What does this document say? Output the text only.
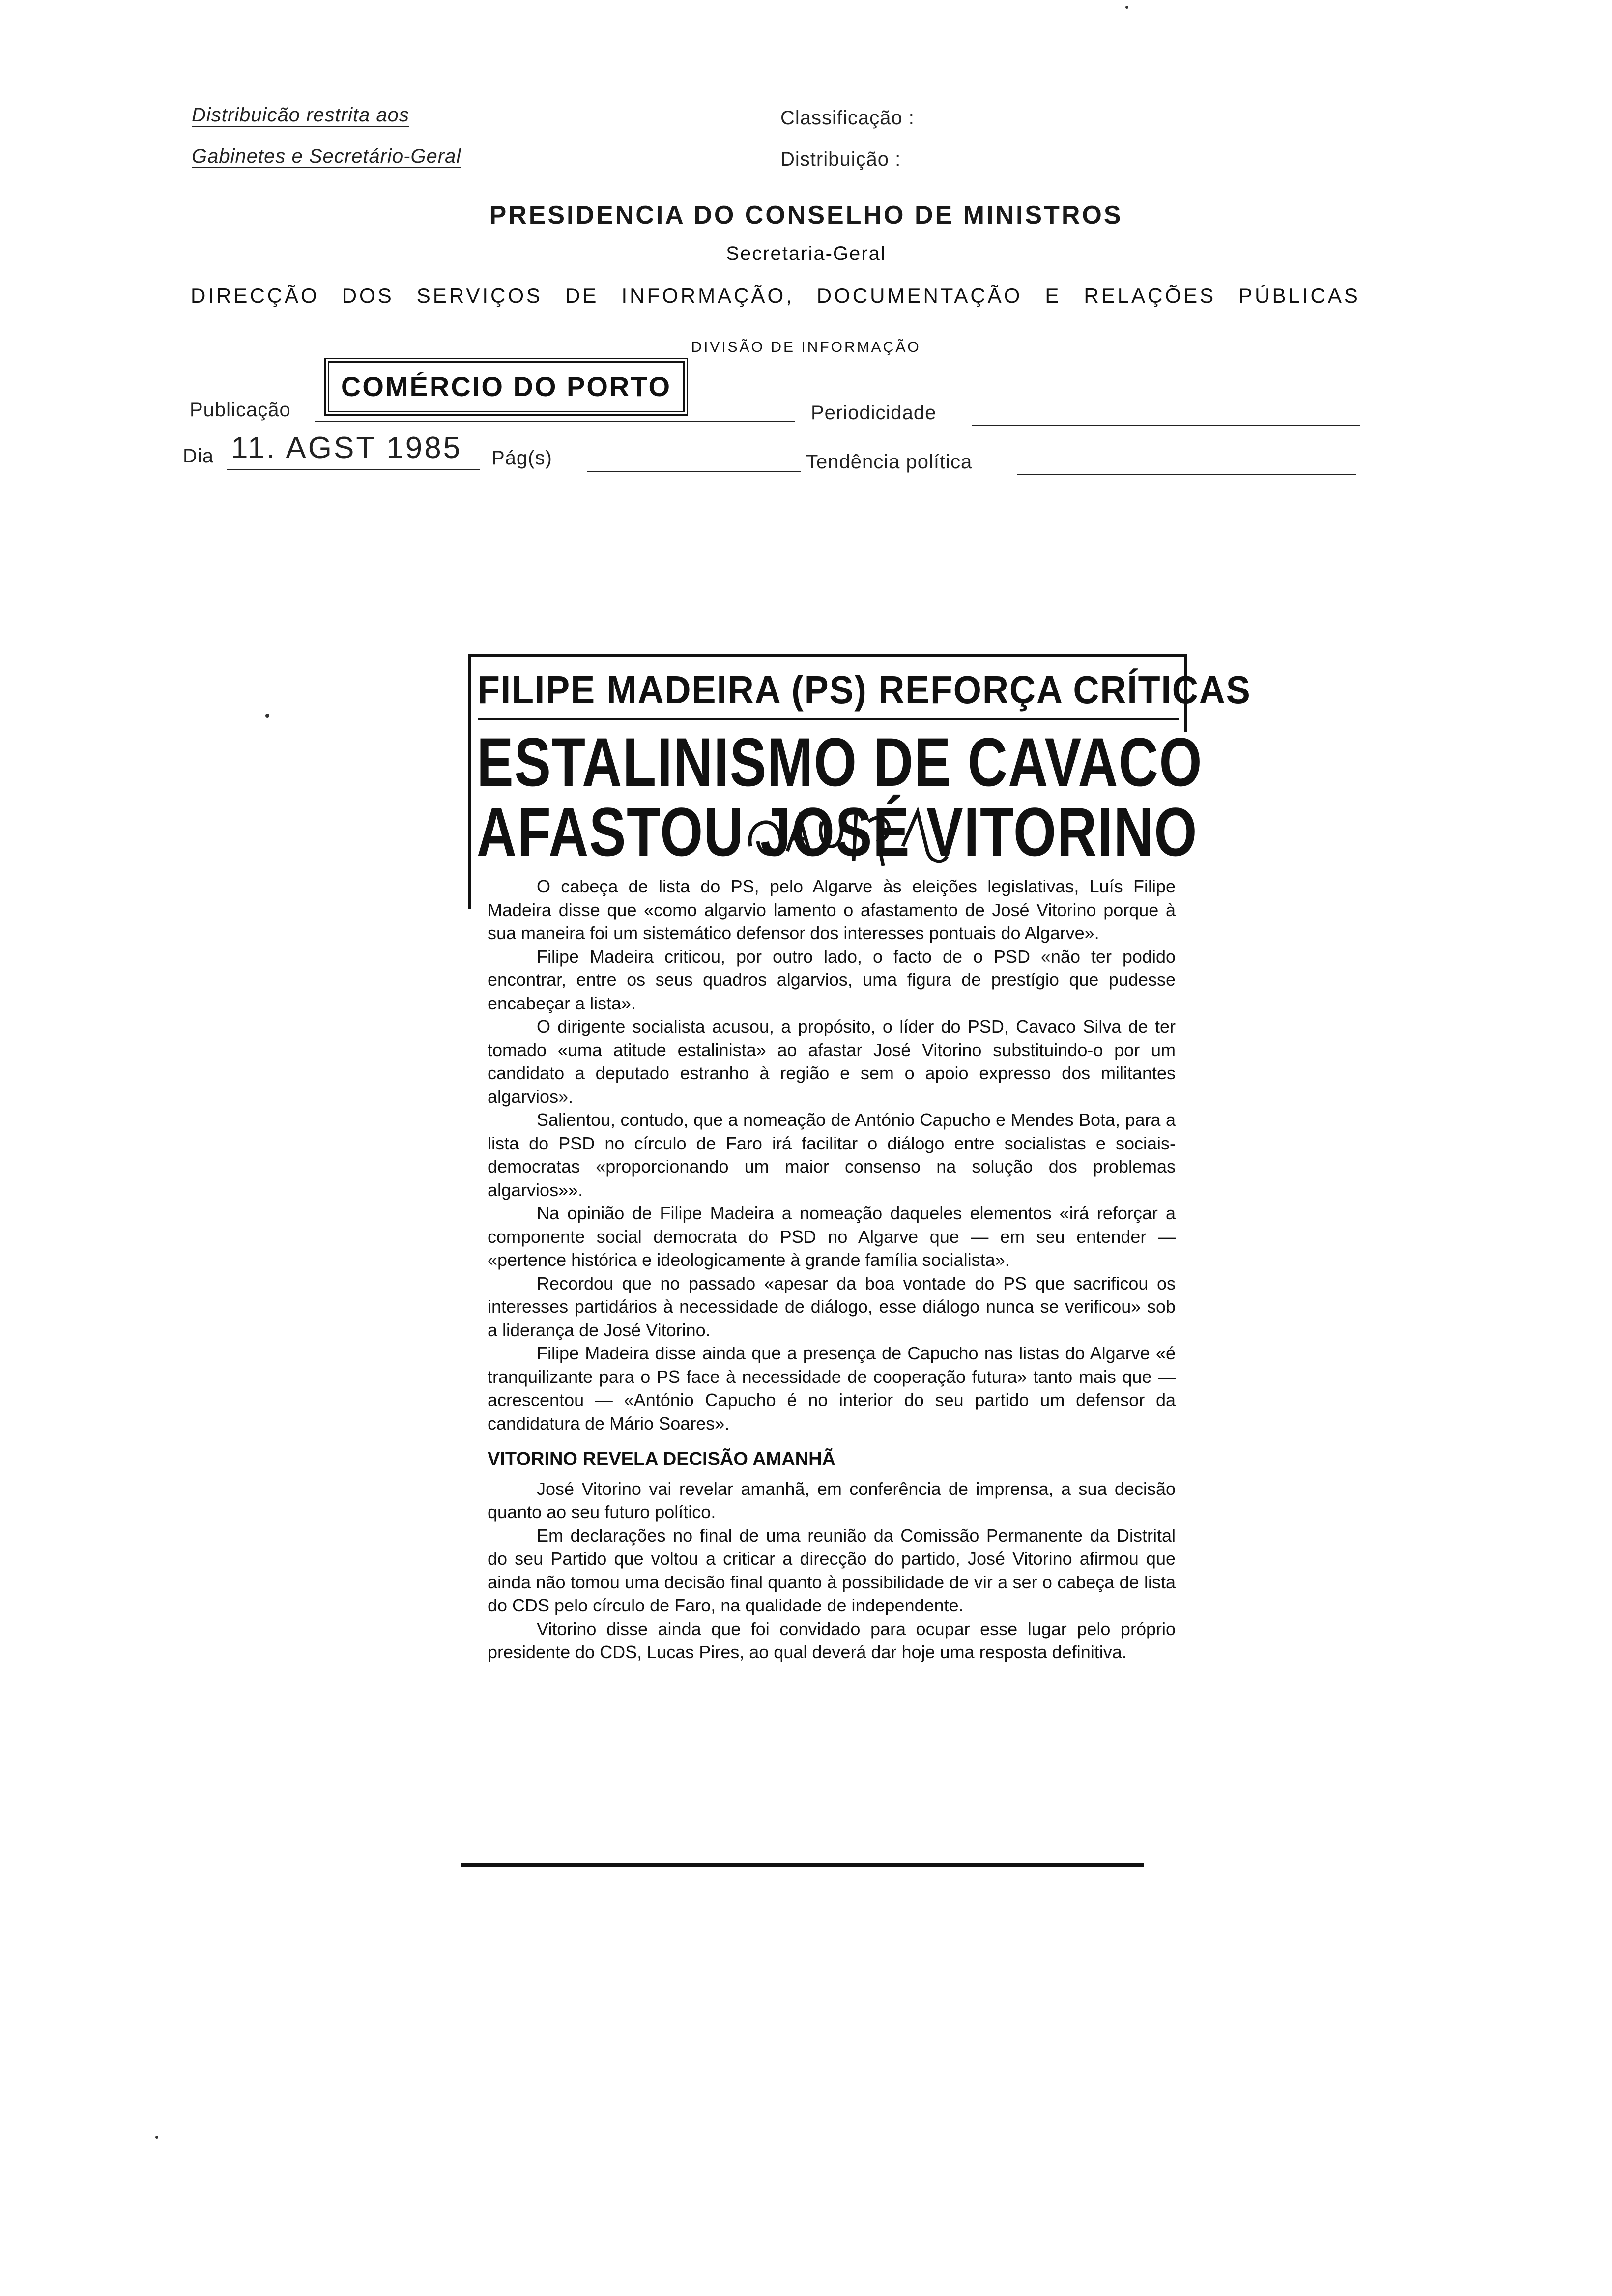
Distribuicão restrita aos
Gabinetes e Secretário-Geral
Classificação :
Distribuição :
PRESIDENCIA DO CONSELHO DE MINISTROS
Secretaria-Geral
DIRECÇÃO DOS SERVIÇOS DE INFORMAÇÃO, DOCUMENTAÇÃO E RELAÇÕES PÚBLICAS
DIVISÃO DE INFORMAÇÃO
Publicação
COMÉRCIO DO PORTO
Periodicidade
Dia 11. AGST 1985 Pág(s)	Tendência política
FILIPE MADEIRA (PS) REFORÇA CRÍTICAS
ESTALINISMO DE CAVACO
AFASTOU JOSÉ VITORINO

O cabeça de lista do PS, pelo Algarve às eleições legislativas, Luís Filipe Madeira disse que «como algarvio lamento o afastamento de José Vitorino porque à sua maneira foi um sistemático defensor dos interesses pontuais do Algarve».

Filipe Madeira criticou, por outro lado, o facto de o PSD «não ter podido encontrar, entre os seus quadros algarvios, uma figura de prestígio que pudesse encabeçar a lista».

O dirigente socialista acusou, a propósito, o líder do PSD, Cavaco Silva de ter tomado «uma atitude estalinista» ao afastar José Vitorino substituindo-o por um candidato a deputado estranho à região e sem o apoio expresso dos militantes algarvios».

Salientou, contudo, que a nomeação de António Capucho e Mendes Bota, para a lista do PSD no círculo de Faro irá facilitar o diálogo entre socialistas e sociais-democratas «proporcionando um maior consenso na solução dos problemas algarvios»».

Na opinião de Filipe Madeira a nomeação daqueles elementos «irá reforçar a componente social democrata do PSD no Algarve que — em seu entender — «pertence histórica e ideologicamente à grande família socialista».

Recordou que no passado «apesar da boa vontade do PS que sacrificou os interesses partidários à necessidade de diálogo, esse diálogo nunca se verificou» sob a liderança de José Vitorino.

Filipe Madeira disse ainda que a presença de Capucho nas listas do Algarve «é tranquilizante para o PS face à necessidade de cooperação futura» tanto mais que — acrescentou — «António Capucho é no interior do seu partido um defensor da candidatura de Mário Soares».

VITORINO REVELA DECISÃO AMANHÃ

José Vitorino vai revelar amanhã, em conferência de imprensa, a sua decisão quanto ao seu futuro político.

Em declarações no final de uma reunião da Comissão Permanente da Distrital do seu Partido que voltou a criticar a direcção do partido, José Vitorino afirmou que ainda não tomou uma decisão final quanto à possibilidade de vir a ser o cabeça de lista do CDS pelo círculo de Faro, na qualidade de independente.

Vitorino disse ainda que foi convidado para ocupar esse lugar pelo próprio presidente do CDS, Lucas Pires, ao qual deverá dar hoje uma resposta definitiva.
